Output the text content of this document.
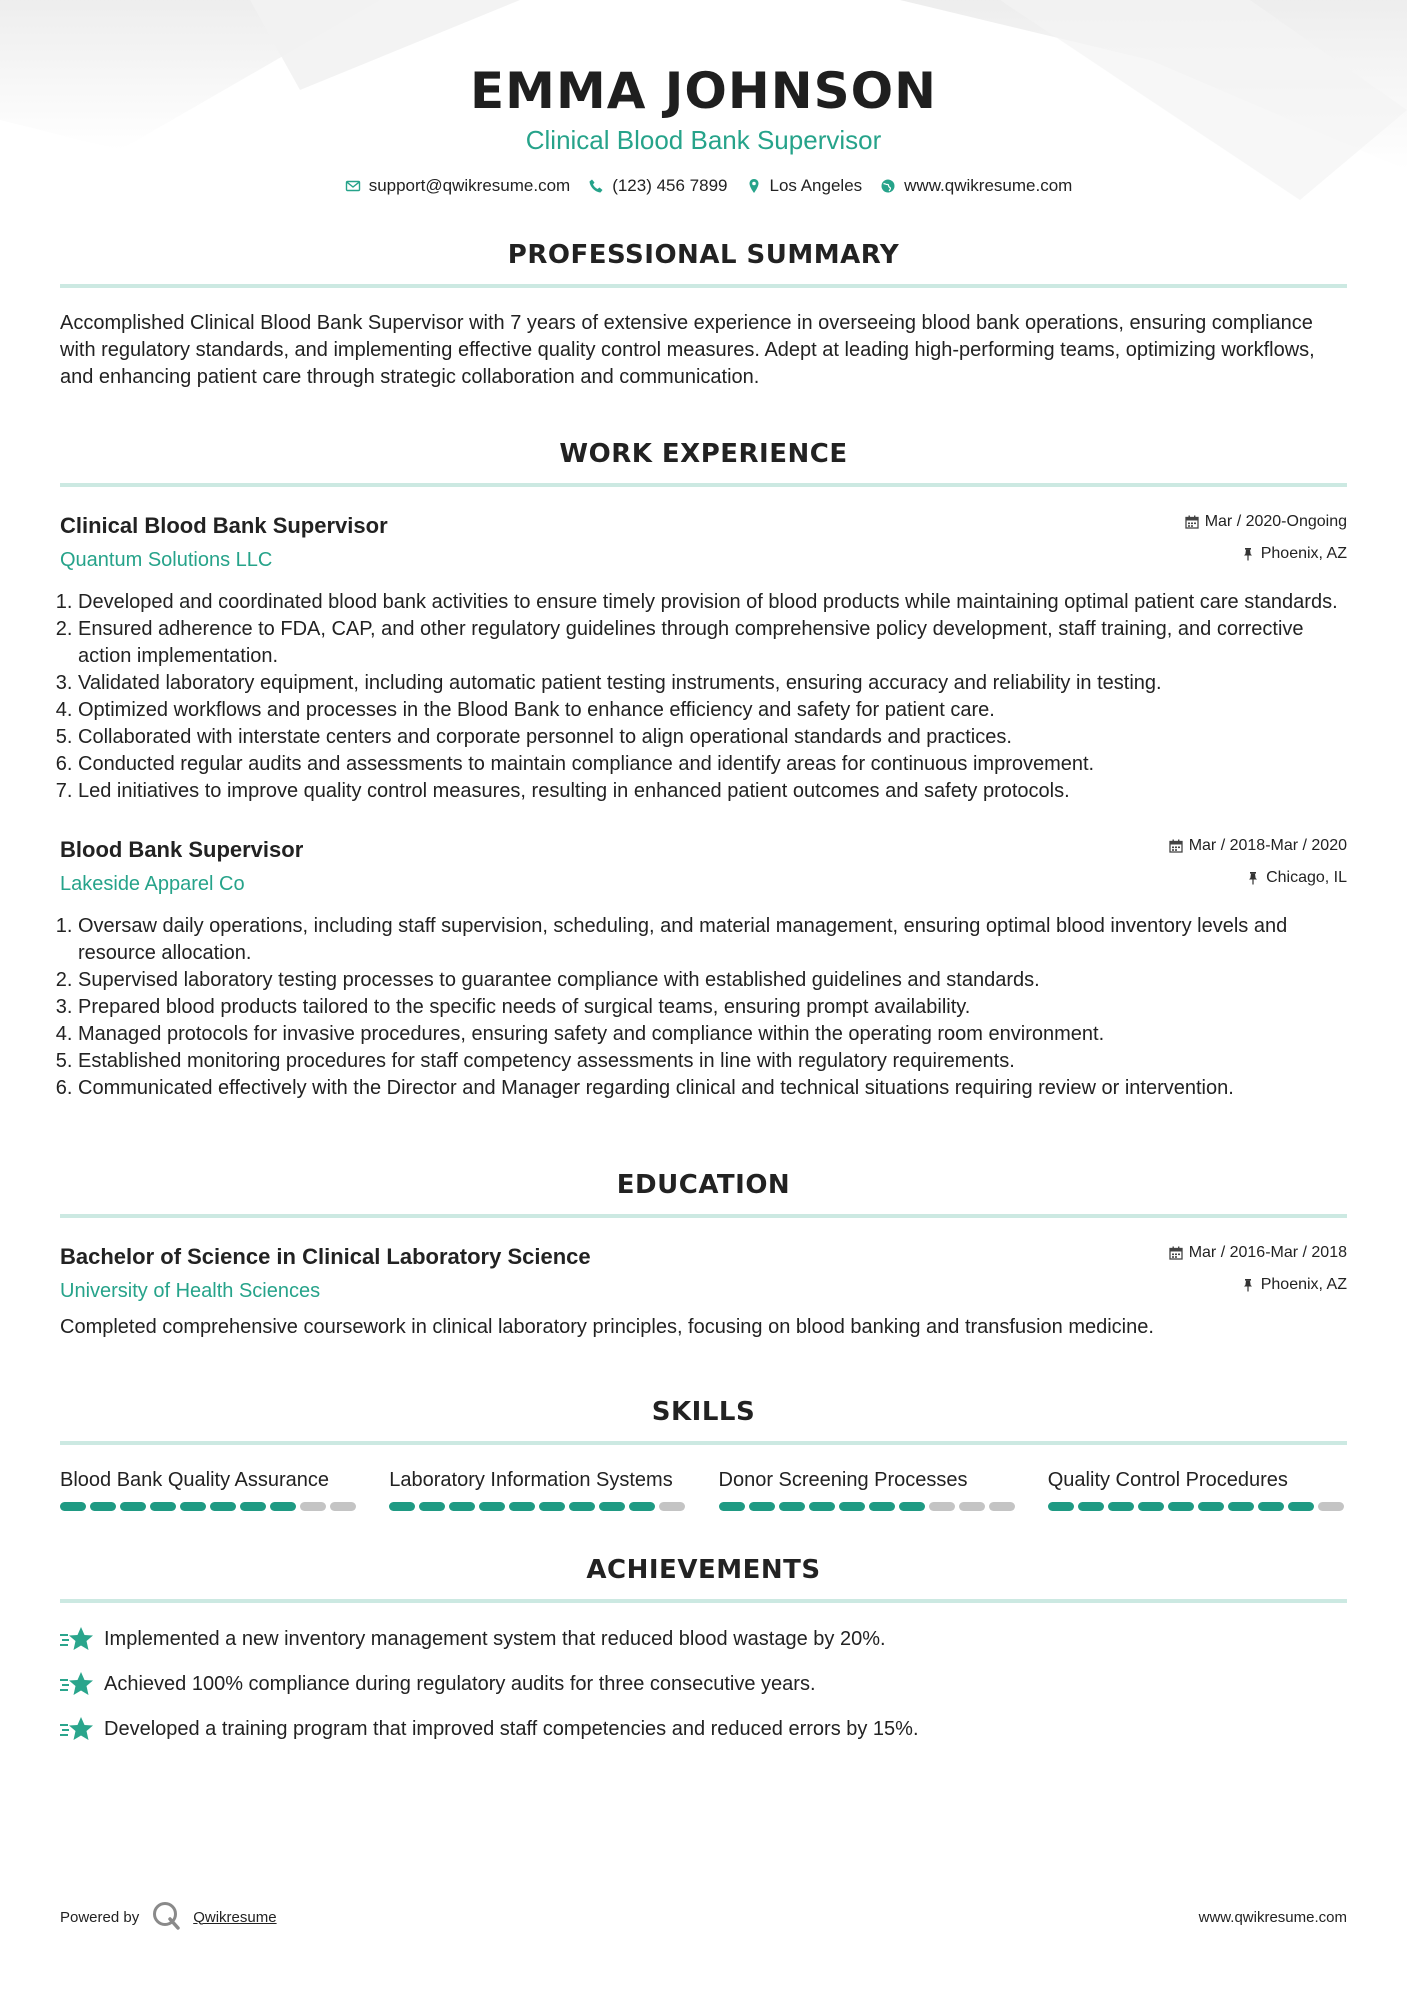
EMMA JOHNSON
Clinical Blood Bank Supervisor
support@qwikresume.com (123) 456 7899 Los Angeles www.qwikresume.com
PROFESSIONAL SUMMARY

Accomplished Clinical Blood Bank Supervisor with 7 years of extensive experience in overseeing blood bank operations, ensuring compliance with regulatory standards, and implementing effective quality control measures. Adept at leading high-performing teams, optimizing workflows, and enhancing patient care through strategic collaboration and communication.

WORK EXPERIENCE
Clinical Blood Bank Supervisor
Quantum Solutions LLC
Mar / 2020-Ongoing
Phoenix, AZ
1. Developed and coordinated blood bank activities to ensure timely provision of blood products while maintaining optimal patient care standards.
2. Ensured adherence to FDA, CAP, and other regulatory guidelines through comprehensive policy development, staff training, and corrective action implementation.
3. Validated laboratory equipment, including automatic patient testing instruments, ensuring accuracy and reliability in testing.
4. Optimized workflows and processes in the Blood Bank to enhance efficiency and safety for patient care.
5. Collaborated with interstate centers and corporate personnel to align operational standards and practices.
6. Conducted regular audits and assessments to maintain compliance and identify areas for continuous improvement.
7. Led initiatives to improve quality control measures, resulting in enhanced patient outcomes and safety protocols.
Blood Bank Supervisor
Lakeside Apparel Co
Mar / 2018-Mar / 2020
Chicago, IL
1. Oversaw daily operations, including staff supervision, scheduling, and material management, ensuring optimal blood inventory levels and resource allocation.
2. Supervised laboratory testing processes to guarantee compliance with established guidelines and standards.
3. Prepared blood products tailored to the specific needs of surgical teams, ensuring prompt availability.
4. Managed protocols for invasive procedures, ensuring safety and compliance within the operating room environment.
5. Established monitoring procedures for staff competency assessments in line with regulatory requirements.
6. Communicated effectively with the Director and Manager regarding clinical and technical situations requiring review or intervention.
EDUCATION
Bachelor of Science in Clinical Laboratory Science
University of Health Sciences
Mar / 2016-Mar / 2018
Phoenix, AZ

Completed comprehensive coursework in clinical laboratory principles, focusing on blood banking and transfusion medicine.

SKILLS
Blood Bank Quality Assurance	Laboratory Information Systems	Donor Screening Processes	Quality Control Procedures
ACHIEVEMENTS
Implemented a new inventory management system that reduced blood wastage by 20%.
Achieved 100% compliance during regulatory audits for three consecutive years.
Developed a training program that improved staff competencies and reduced errors by 15%.
Powered by	Qwikresume	www.qwikresume.com
